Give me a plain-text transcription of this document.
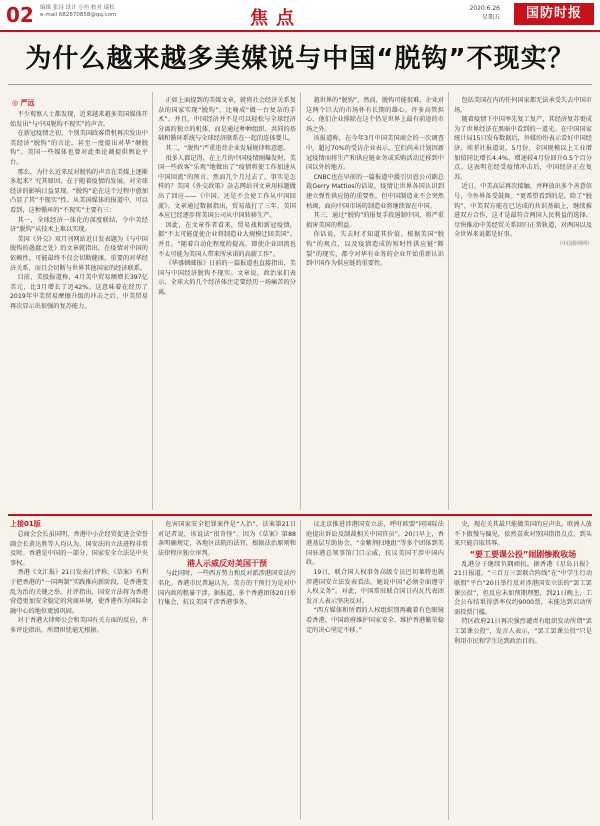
02 编辑 张浔 设计 小鱼 校对 瑞松
e-mail 682870858@qq.com	焦点	2020.6.26
星期五	国防时报
为什么越来越多美媒说与中国“脱钩”不现实？
◎ 严远

不少观察人士都发现，近来越来越多美国媒体开始发出“与中国脱钩不现实”的声音。

在新冠疫情之初，个别美国政客借机再次发出中美经济“脱钩”的言论，甚至一度提出对华“硬脱钩”。美国一些媒体也曾对此类论调提供舆论平台。

那么，为什么近来反对脱钩的声音在美媒上逐渐多起来？究其原因，在于随着疫情的发展，对全球经济的影响日益显现。“脱钩”论在这个过程中愈加凸显了其“不现实”性。从美国媒体的报道中，可以看到，这种循环的“不现实”主要有三：

其一，全球经济一体化的深度联结，令中美经济“脱钩”从技术上难以实现。

美国《外交》双月刊网站近日发表题为《与中国脱钩的愚蠢之处》的文章就指出，在疫情对中国的依赖性，可能最终不仅会切断健康，重要的对华经济关系，而且会切断与世界其他国家的经济联系。

目前，美股报道称，4月美中贸易额增长397亿美元，比3月增长了近42%。这意味着在经历了2019年中美贸易摩擦升级的冲击之后，中美贸易再次显示出很强的复苏能力。

正如上面提到的美媒文章，就将社会经济关系复杂的国家实现“脱钩”，比喻成“做一台复杂的手术”。并且，中国经济并不是可以轻松与全球经济分离的独立的机体，而是通过种种组织、共同的基础和循环系统与全球经济联系在一起的连体婴儿。

其二，“脱钩”严重违背企业发展规律和意愿。

很多人都记得，在上月的中国疫情刚爆发时，美国一些政客“乐观”地做出了“疫情将使工作加速从中国回流”的预言。然而几个月过去了，事实是怎样的？美国《外交政策》杂志网站刊文章用标题做出了回应——《中国，还是不会使工作从中国回流》。文章通过数据指出，贸易战打了三年，美国本应已经逐步将美国公司从中国转移生产。

因此，在文章作者看来，贸易战和新冠疫情，都“不太可能促使企业将制造业大规模迁回美国”。并且，“随着自动化程度的提高，即使企业回流也不太可能为美国人带来所承诺的高薪工作”。

《华盛顿邮报》日前的一篇报道也直接指出，美国与中国经济脱钩不现实。文章说，政治家们表示，全球大的几个经济体注定要经历一场痛苦的分离。

越世界的“脱钩”，然而，脱钩可能很难，企业对这两个巨大的市场怀有长期的雄心。许多高管担心，他们企业排除在这个仍是世界上最有前途的市场之外。

该报道称，在今年3月中国美国商会的一次调查中，超过70%的受访企业表示，它们尚未计划因新冠疫情而将生产和供应链业务或采购活动迁移到中国以外的地方。

CNBC也在早前的一篇报道中援引贝恩公司副总裁Gerry Mattios的话说，疫情让世界各国认识到建立弹性供应链的重要性，但中国制造业不会突然枯竭，面向中国市场的制造业将继续留在中国。

其三，通过“脱钩”的报复手段遏制中国，将严重损害美国的利益。

你话说，失去时才知道其价值。根据美国“脱钩”的观点，以及疫情造成的短时性供应链“断裂”的现实，都令对华有业务的企业开始重新认识到中国作为供应链的重要性。

包括美国在内的任何国家都无法承受失去中国市场。

随着疫情下中国率先复工复产，其经济复苏更成为了世界经济在黑暗中看到的一道光。在中国国家统计局15日发布数据后，外媒纷纷表示看好中国经济。埃菲社报道说，5月份，全国规模以上工业增加值同比增长4.4%，增速较4月份回升0.5个百分点。这表明在经受疫情冲击后，中国经济正在复苏。

近日，中美高层再次接触，并释放出多个善意信号，令外界备受鼓舞。“更希望看到的是，除了“脱钩”，中美双方能在已达成的共识基础上，继续推进双方合作，这才是最符合两国人民利益的选择。尽快推动中美经贸关系回归正常轨道，对两国以及全世界来说都是好事。

（中国侨网网）

上接01版

总商会会长虽国明，香港中小企经贸促进会荣誉副会长黄达胜等人均认为，国安法的立法进程非常及时。香港是中国的一部分，国家安全立法是中央事权。

香港《文汇报》21日发表社评称，《草案》有利于把香港的“一国两制”实践推向新阶段，是香港变乱为治的关键之举。社评指出，国安立法将为香港营造更加安全稳定的营商环境，使香港作为国际金融中心的地位更加巩固。

对于香港大律师公会和美国有关方面的反应，许多评论指出，所谓担忧毫无根据。

危害国家安全犯罪案件是“人治”，法案第21日对记者说，该说法“很奇怪”。因为《草案》第88条明确规定，各地区法院的法官，根据法治原则和法律程序独立审判。

港人示威反对美国干预

与此同时，一些西方势力和反对派涉港国安法污名化。香港市民普遍认为，美方的干预行为是对中国内政的粗暴干涉。据报道，多个香港团体20日举行集会，抗议美国干涉香港事务。

议北京推进涉港国安立法，呼吁欧盟“同国际法庭提出诉讼及制裁相关中国官员”。20日早上，香港基层互助协会、“金紫荆扫地组”等多个团体到美国驻港总领事馆门口示威，抗议美国干涉中国内政。

19日，联合国人权事务高级专员巴切莱特也就涉港国安立法发表看法，她说中国“必须全面遵守人权义务”。对此，中国常驻联合国日内瓦代表团发言人表示坚决反对。

“西方媒体和所谓的人权组织别再戴着有色眼镜看香港，中国政府维护国家安全、维护香港繁荣稳定的决心坚定不移。”

史，现在关其最只能做美国的应声虫。欧洲人放不下傲慢与偏见，依然喜欢对别国指指点点，到头来只能自取其辱。

“要工要课公投”闹剧惨败收场

乱港分子继续负隅顽抗。据香港《星岛日报》21日报道，“三百万三罢联合阵线”在“中学生行动联盟”平台“20日举行反对涉港国安立法的“罢工罢课公投”，但反应未如预期理想，到21日晚上，工会公布结果得票率仅约9000票，未能达到启动所需投票门槛。

特区政府21日再次强烈谴责有组织发动所谓“罢工罢课公投”，发言人表示，“罢工罢课公投”只是利用市民和学生达到政治目的。
